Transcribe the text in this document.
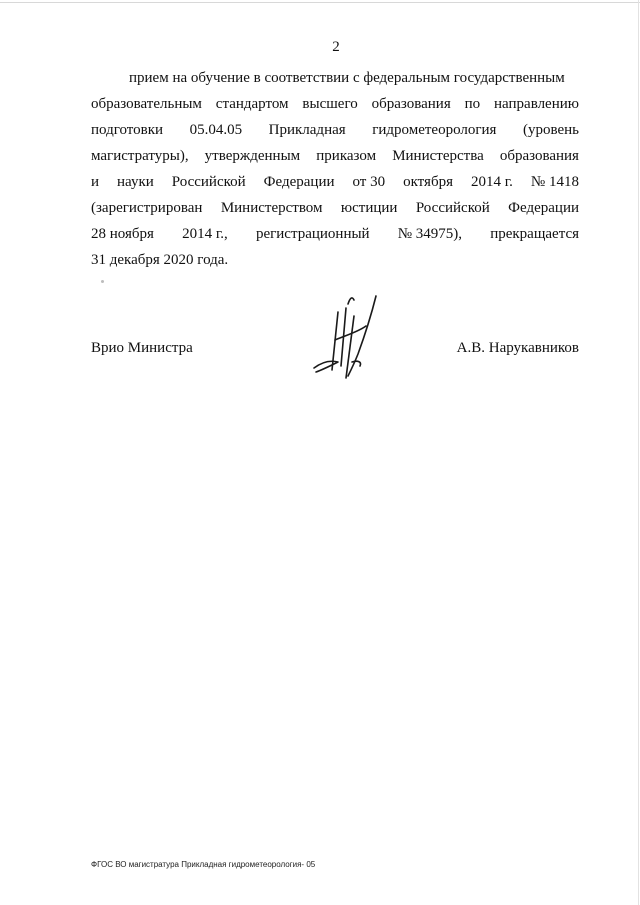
2
прием на обучение в соответствии с федеральным государственным
образовательным стандартом высшего образования по направлению
подготовки 05.04.05 Прикладная гидрометеорология (уровень
магистратуры), утвержденным приказом Министерства образования
и науки Российской Федерации от 30 октября 2014 г. № 1418
(зарегистрирован Министерством юстиции Российской Федерации
28 ноября 2014 г., регистрационный № 34975), прекращается
31 декабря 2020 года.
Врио Министра	А.В. Нарукавников
ФГОС ВО магистратура Прикладная гидрометеорология- 05
